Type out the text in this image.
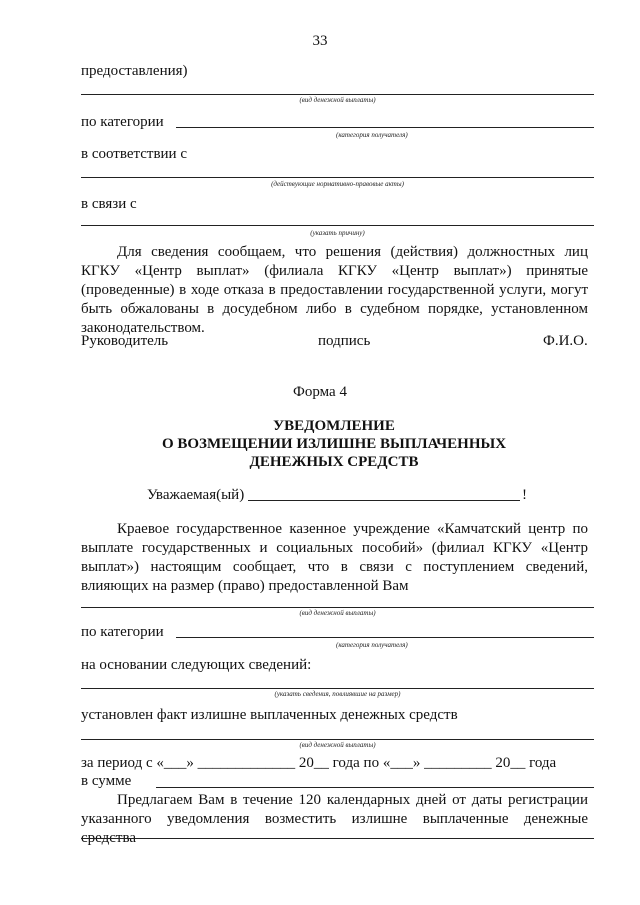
33
предоставления)
(вид денежной выплаты)
по категории
(категория получателя)
в соответствии с
(действующие нормативно-правовые акты)
в связи с
(указать причину)
Для сведения сообщаем, что решения (действия) должностных лиц КГКУ «Центр выплат» (филиала КГКУ «Центр выплат») принятые (проведенные) в ходе отказа в предоставлении государственной услуги, могут быть обжалованы в досудебном либо в судебном порядке, установленном законодательством.
Руководитель	подпись	Ф.И.О.
Форма 4
УВЕДОМЛЕНИЕ
О ВОЗМЕЩЕНИИ ИЗЛИШНЕ ВЫПЛАЧЕННЫХ
ДЕНЕЖНЫХ СРЕДСТВ
Уважаемая(ый)	!
Краевое государственное казенное учреждение «Камчатский центр по выплате государственных и социальных пособий» (филиал КГКУ «Центр выплат») настоящим сообщает, что в связи с поступлением сведений, влияющих на размер (право) предоставленной Вам
(вид денежной выплаты)
по категории
(категория получателя)
на основании следующих сведений:
(указать сведения, повлиявшие на размер)
установлен факт излишне выплаченных денежных средств
(вид денежной выплаты)
за период с «___» _____________ 20__ года по «___» _________ 20__ года
в сумме
Предлагаем Вам в течение 120 календарных дней от даты регистрации указанного уведомления возместить излишне выплаченные денежные средства
